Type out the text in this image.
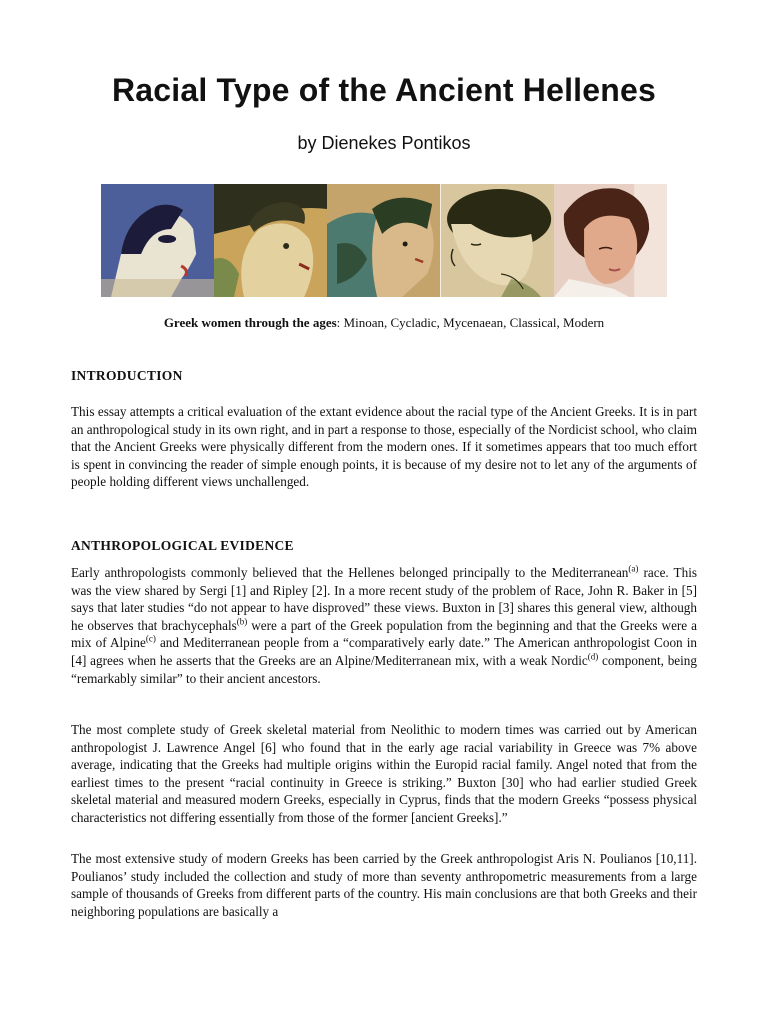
Racial Type of the Ancient Hellenes

by Dienekes Pontikos

Greek women through the ages: Minoan, Cycladic, Mycenaean, Classical, Modern

INTRODUCTION

This essay attempts a critical evaluation of the extant evidence about the racial type of the Ancient Greeks. It is in part an anthropological study in its own right, and in part a response to those, especially of the Nordicist school, who claim that the Ancient Greeks were physically different from the modern ones. If it sometimes appears that too much effort is spent in convincing the reader of simple enough points, it is because of my desire not to let any of the arguments of people holding different views unchallenged.

ANTHROPOLOGICAL EVIDENCE

Early anthropologists commonly believed that the Hellenes belonged principally to the Mediterranean$^{(a)}$ race. This was the view shared by Sergi [1] and Ripley [2]. In a more recent study of the problem of Race, John R. Baker in [5] says that later studies “do not appear to have disproved” these views. Buxton in [3] shares this general view, although he observes that brachycephals$^{(b)}$ were a part of the Greek population from the beginning and that the Greeks were a mix of Alpine$^{(c)}$ and Mediterranean people from a “comparatively early date.” The American anthropologist Coon in [4] agrees when he asserts that the Greeks are an Alpine/Mediterranean mix, with a weak Nordic$^{(d)}$ component, being “remarkably similar” to their ancient ancestors.

The most complete study of Greek skeletal material from Neolithic to modern times was carried out by American anthropologist J. Lawrence Angel [6] who found that in the early age racial variability in Greece was 7% above average, indicating that the Greeks had multiple origins within the Europid racial family. Angel noted that from the earliest times to the present “racial continuity in Greece is striking.” Buxton [30] who had earlier studied Greek skeletal material and measured modern Greeks, especially in Cyprus, finds that the modern Greeks “possess physical characteristics not differing essentially from those of the former [ancient Greeks].”

The most extensive study of modern Greeks has been carried by the Greek anthropologist Aris N. Poulianos [10,11]. Poulianos’ study included the collection and study of more than seventy anthropometric measurements from a large sample of thousands of Greeks from different parts of the country. His main conclusions are that both Greeks and their neighboring populations are basically a
